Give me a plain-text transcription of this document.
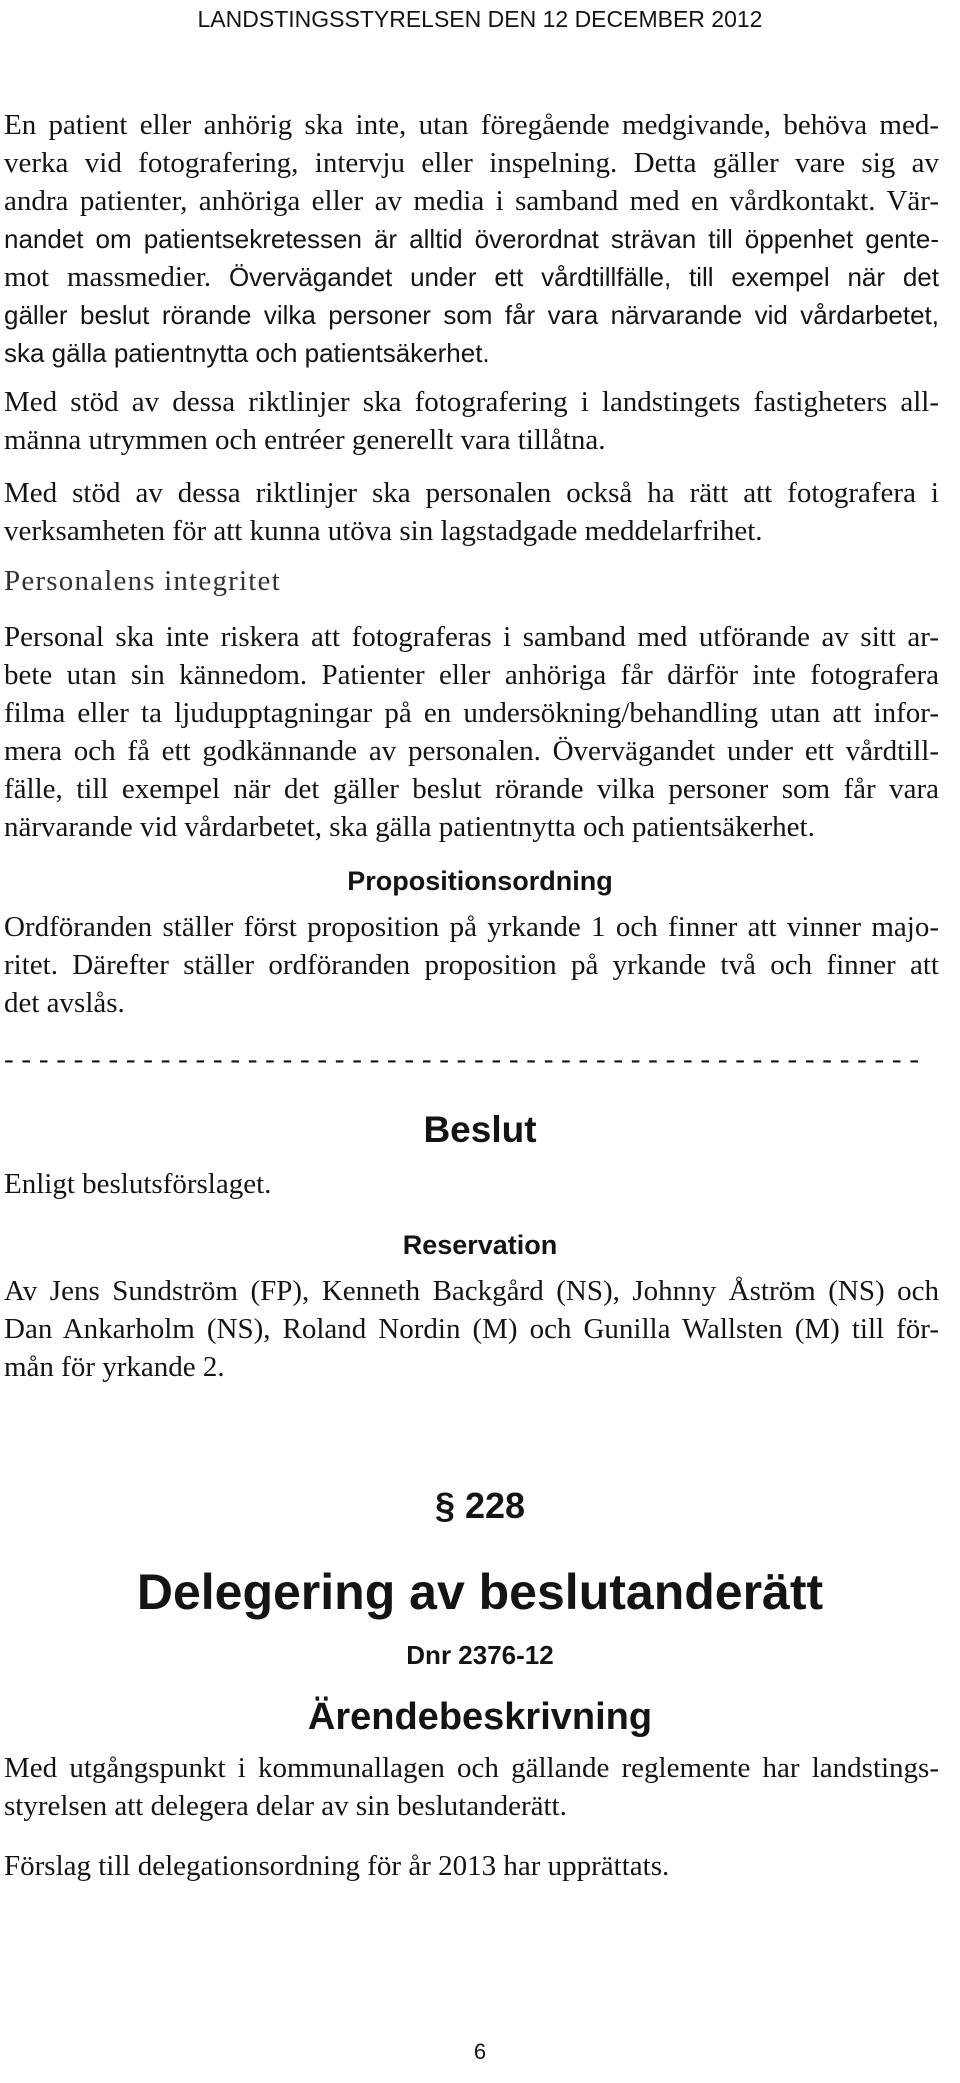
LANDSTINGSSTYRELSEN DEN 12 DECEMBER 2012
En patient eller anhörig ska inte, utan föregående medgivande, behöva med-
verka vid fotografering, intervju eller inspelning. Detta gäller vare sig av
andra patienter, anhöriga eller av media i samband med en vårdkontakt. Vär-
nandet om patientsekretessen är alltid överordnat strävan till öppenhet gente-
mot massmedier. Övervägandet under ett vårdtillfälle, till exempel när det
gäller beslut rörande vilka personer som får vara närvarande vid vårdarbetet,
ska gälla patientnytta och patientsäkerhet.
Med stöd av dessa riktlinjer ska fotografering i landstingets fastigheters all-
männa utrymmen och entréer generellt vara tillåtna.
Med stöd av dessa riktlinjer ska personalen också ha rätt att fotografera i
verksamheten för att kunna utöva sin lagstadgade meddelarfrihet.
Personalens integritet
Personal ska inte riskera att fotograferas i samband med utförande av sitt ar-
bete utan sin kännedom. Patienter eller anhöriga får därför inte fotografera
filma eller ta ljudupptagningar på en undersökning/behandling utan att infor-
mera och få ett godkännande av personalen. Övervägandet under ett vårdtill-
fälle, till exempel när det gäller beslut rörande vilka personer som får vara
närvarande vid vårdarbetet, ska gälla patientnytta och patientsäkerhet.
Propositionsordning
Ordföranden ställer först proposition på yrkande 1 och finner att vinner majo-
ritet. Därefter ställer ordföranden proposition på yrkande två och finner att
det avslås.
- - - - - - - - - - - - - - - - - - - - - - - - - - - - - - - - - - - - - - - - - - - - - - - - - - - - -
Beslut
Enligt beslutsförslaget.
Reservation
Av Jens Sundström (FP), Kenneth Backgård (NS), Johnny Åström (NS) och
Dan Ankarholm (NS), Roland Nordin (M) och Gunilla Wallsten (M) till för-
mån för yrkande 2.
§ 228
Delegering av beslutanderätt
Dnr 2376-12
Ärendebeskrivning
Med utgångspunkt i kommunallagen och gällande reglemente har landstings-
styrelsen att delegera delar av sin beslutanderätt.
Förslag till delegationsordning för år 2013 har upprättats.
6
